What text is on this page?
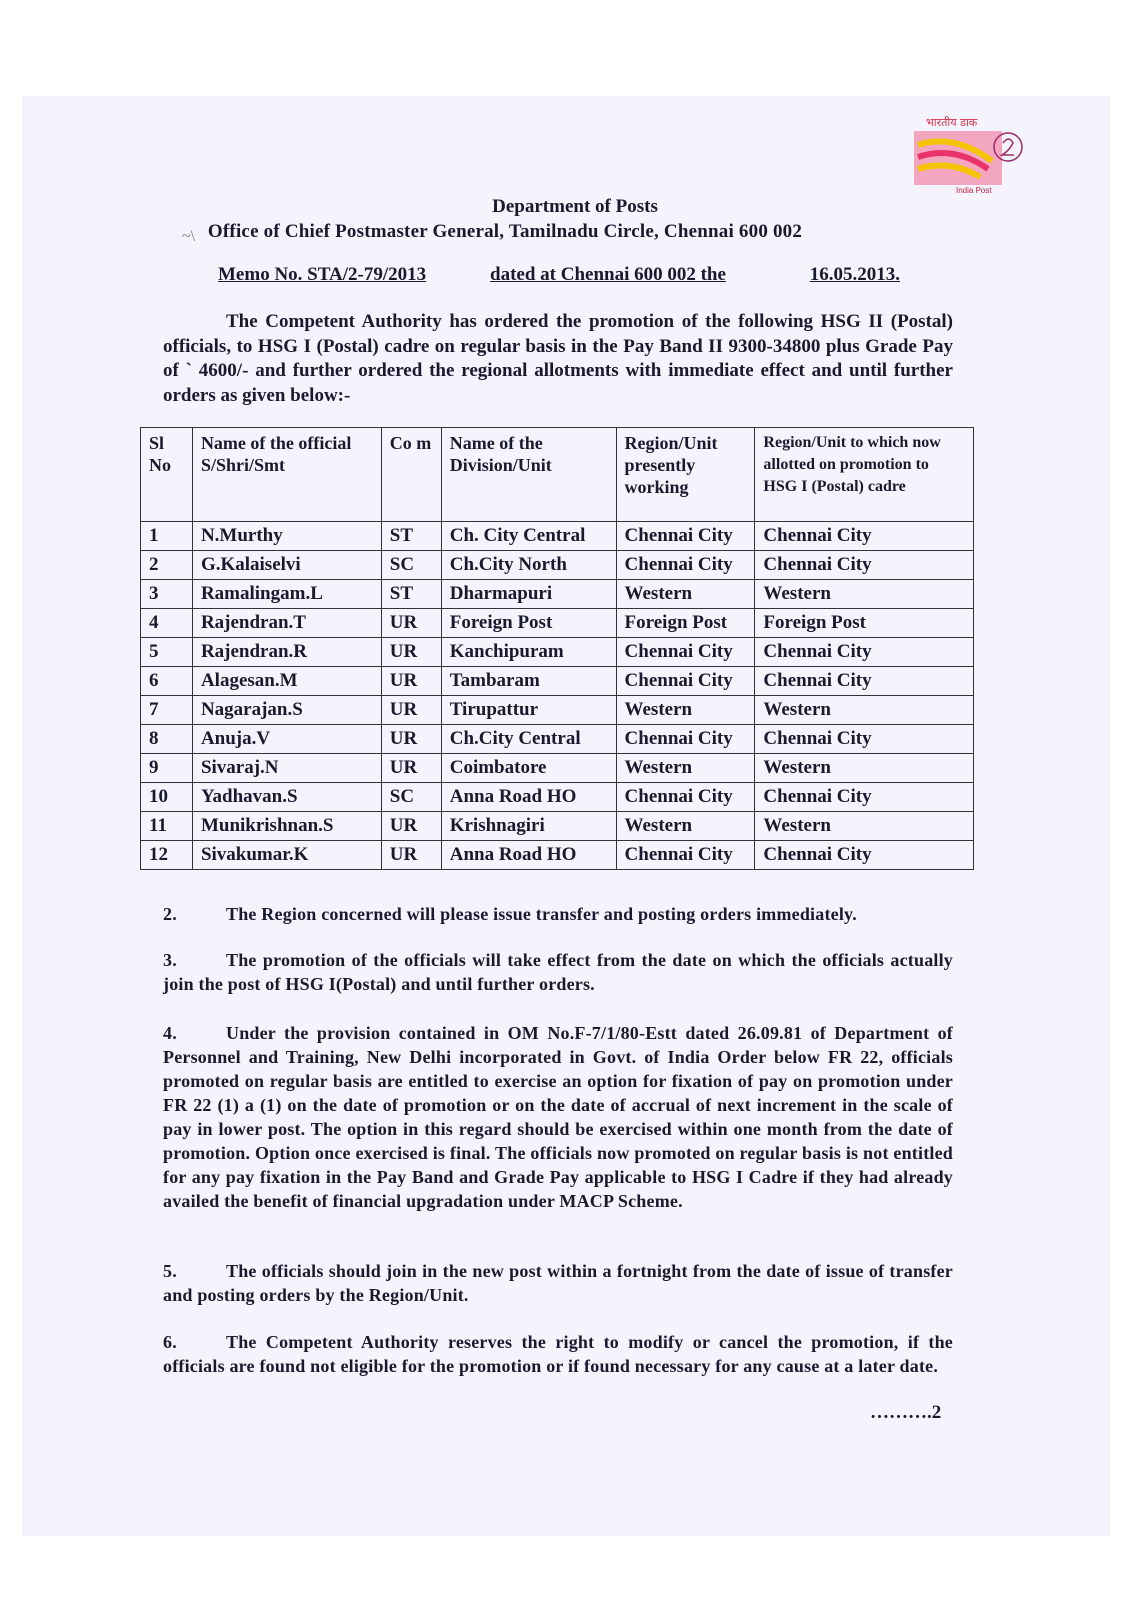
भारतीय डाक
India Post
Department of Posts
~\ Office of Chief Postmaster General, Tamilnadu Circle, Chennai 600 002
Memo No. STA/2-79/2013	dated at Chennai 600 002 the	16.05.2013.

The Competent Authority has ordered the promotion of the following HSG II (Postal) officials, to HSG I (Postal) cadre on regular basis in the Pay Band II 9300-34800 plus Grade Pay of ` 4600/- and further ordered the regional allotments with immediate effect and until further orders as given below:-

Sl No	Name of the official S/Shri/Smt	Co m	Name of the Division/Unit	Region/Unit presently working	Region/Unit to which now allotted on promotion to HSG I (Postal) cadre
1	N.Murthy	ST	Ch. City Central	Chennai City	Chennai City
2	G.Kalaiselvi	SC	Ch.City North	Chennai City	Chennai City
3	Ramalingam.L	ST	Dharmapuri	Western	Western
4	Rajendran.T	UR	Foreign Post	Foreign Post	Foreign Post
5	Rajendran.R	UR	Kanchipuram	Chennai City	Chennai City
6	Alagesan.M	UR	Tambaram	Chennai City	Chennai City
7	Nagarajan.S	UR	Tirupattur	Western	Western
8	Anuja.V	UR	Ch.City Central	Chennai City	Chennai City
9	Sivaraj.N	UR	Coimbatore	Western	Western
10	Yadhavan.S	SC	Anna Road HO	Chennai City	Chennai City
11	Munikrishnan.S	UR	Krishnagiri	Western	Western
12	Sivakumar.K	UR	Anna Road HO	Chennai City	Chennai City

2.	The Region concerned will please issue transfer and posting orders immediately.

3.	The promotion of the officials will take effect from the date on which the officials actually join the post of HSG I(Postal) and until further orders.

4.	Under the provision contained in OM No.F-7/1/80-Estt dated 26.09.81 of Department of Personnel and Training, New Delhi incorporated in Govt. of India Order below FR 22, officials promoted on regular basis are entitled to exercise an option for fixation of pay on promotion under FR 22 (1) a (1) on the date of promotion or on the date of accrual of next increment in the scale of pay in lower post. The option in this regard should be exercised within one month from the date of promotion. Option once exercised is final. The officials now promoted on regular basis is not entitled for any pay fixation in the Pay Band and Grade Pay applicable to HSG I Cadre if they had already availed the benefit of financial upgradation under MACP Scheme.

5.	The officials should join in the new post within a fortnight from the date of issue of transfer and posting orders by the Region/Unit.

6.	The Competent Authority reserves the right to modify or cancel the promotion, if the officials are found not eligible for the promotion or if found necessary for any cause at a later date.

……….2
